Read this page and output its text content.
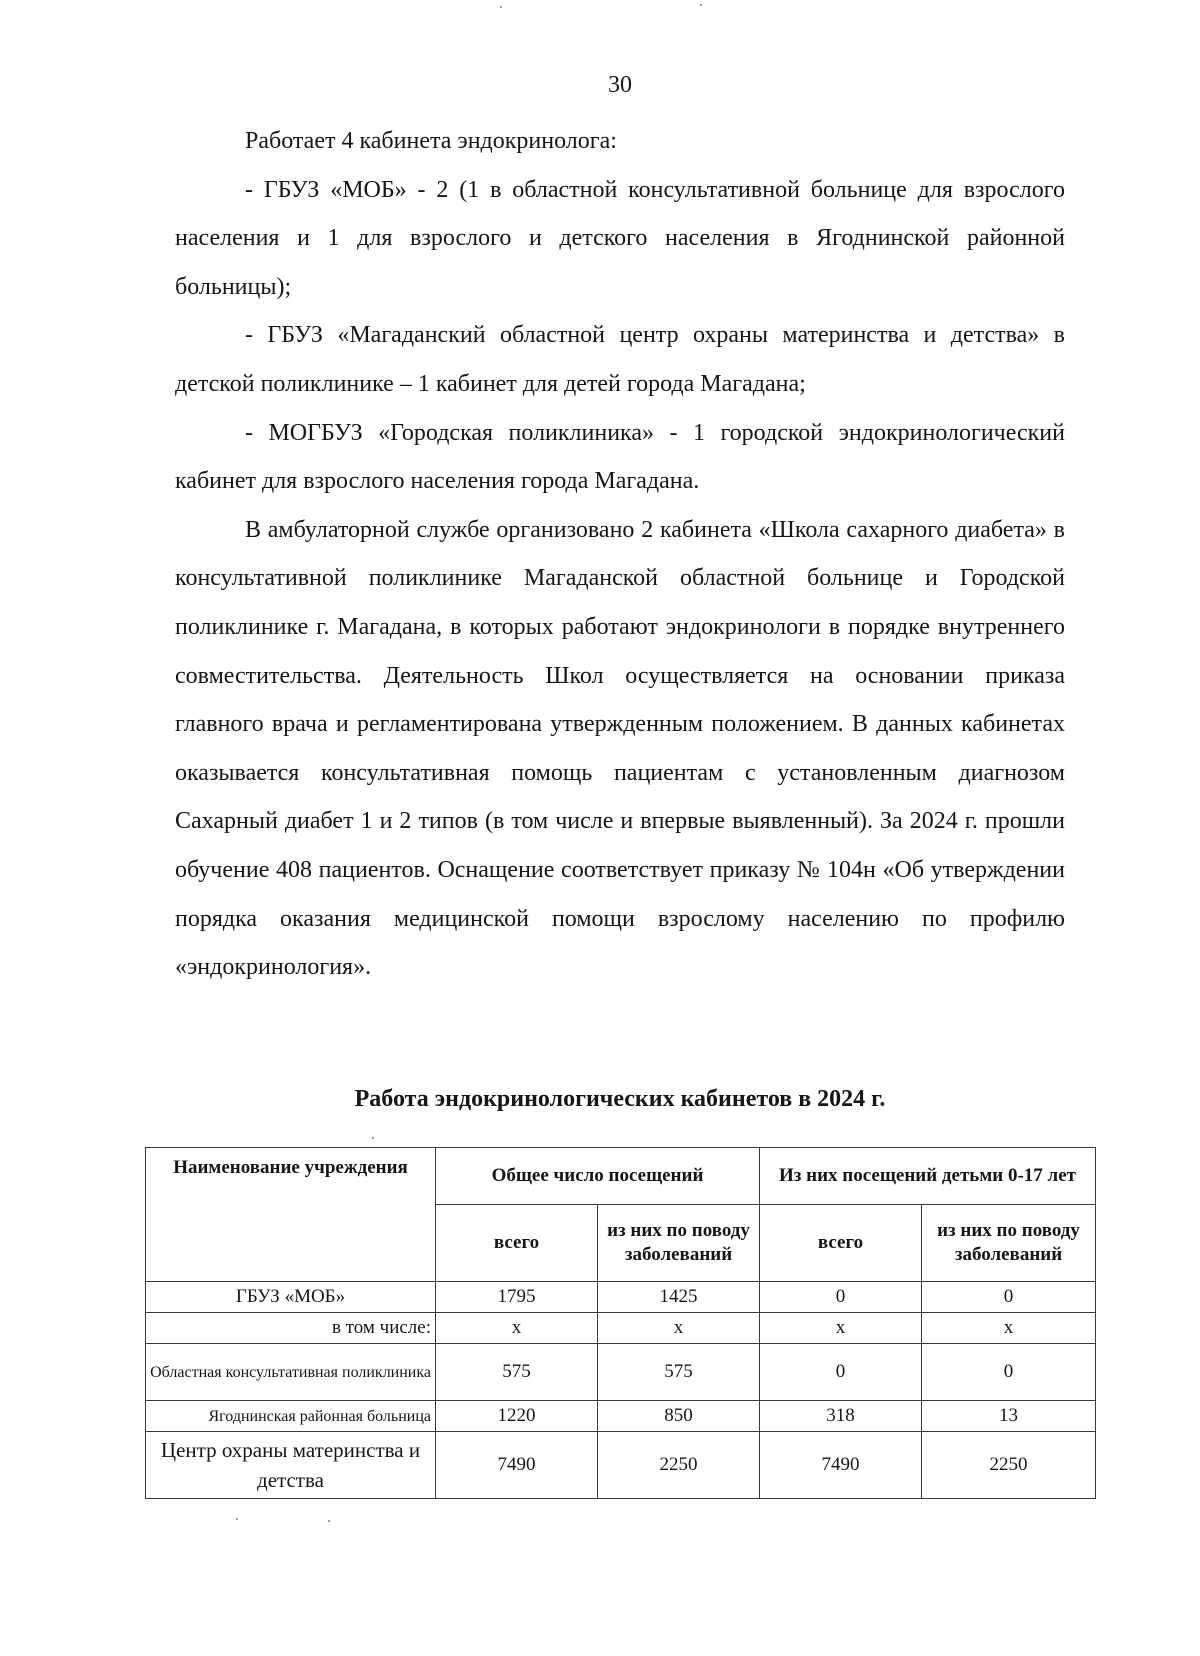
30

Работает 4 кабинета эндокринолога:

- ГБУЗ «МОБ» - 2 (1 в областной консультативной больнице для взрослого населения и 1 для взрослого и детского населения в Ягоднинской районной больницы);

- ГБУЗ «Магаданский областной центр охраны материнства и детства» в детской поликлинике – 1 кабинет для детей города Магадана;

- МОГБУЗ «Городская поликлиника» - 1 городской эндокринологический кабинет для взрослого населения города Магадана.

В амбулаторной службе организовано 2 кабинета «Школа сахарного диабета» в консультативной поликлинике Магаданской областной больнице и Городской поликлинике г. Магадана, в которых работают эндокринологи в порядке внутреннего совместительства. Деятельность Школ осуществляется на основании приказа главного врача и регламентирована утвержденным положением. В данных кабинетах оказывается консультативная помощь пациентам с установленным диагнозом Сахарный диабет 1 и 2 типов (в том числе и впервые выявленный). За 2024 г. прошли обучение 408 пациентов. Оснащение соответствует приказу № 104н «Об утверждении порядка оказания медицинской помощи взрослому населению по профилю «эндокринология».

Работа эндокринологических кабинетов в 2024 г.
Наименование учреждения	Общее число посещений		Из них посещений детьми 0-17 лет	
	всего	из них по поводу заболеваний	всего	из них по поводу заболеваний
ГБУЗ «МОБ»	1795	1425	0	0
в том числе:	х	х	х	х
Областная консультативная поликлиника	575	575	0	0
Ягоднинская районная больница	1220	850	318	13
Центр охраны материнства и детства	7490	2250	7490	2250
